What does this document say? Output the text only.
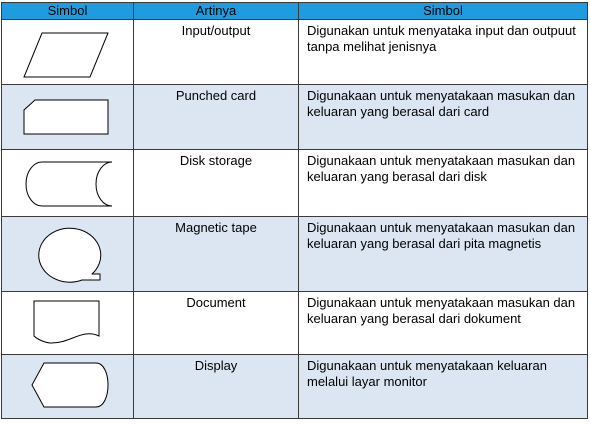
Simbol	Artinya	Simbol

	Input/output	Digunakan untuk menyataka input dan outpuut tanpa melihat jenisnya

	Punched card	Digunakaan untuk menyatakaan masukan dan keluaran yang berasal dari card

	Disk storage	Digunakaan untuk menyatakaan masukan dan keluaran yang berasal dari disk

	Magnetic tape	Digunakaan untuk menyatakaan masukan dan keluaran yang berasal dari pita magnetis

	Document	Digunakaan untuk menyatakaan masukan dan keluaran yang berasal dari dokument

	Display	Digunakaan untuk menyatakaan keluaran melalui layar monitor
